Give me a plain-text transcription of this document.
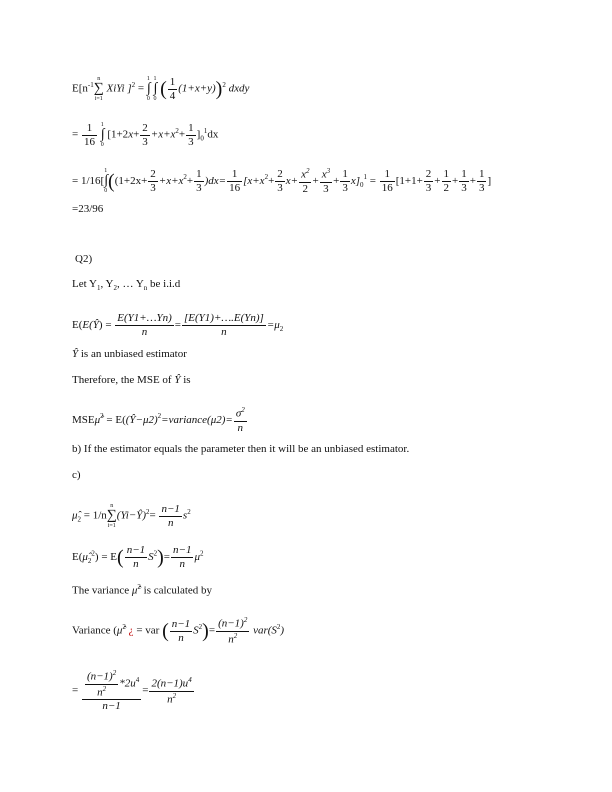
$E[n^{-1}$
n
∑
i=1
XiYi ]$^2$ =
1
∫
0

1
∫
0 ( $\frac{1}{4} (1+x+y))^2$ dxdy
= $\frac{1}{16}$
1
∫
0
$[1+2x+ \frac{2}{3} +x+x^2+ \frac{1}{3} ]_0^1dx$
= 1/16[
1
∫
0 ($(1+2x+ \frac{2}{3} +x+x^2+ \frac{1}{3} )dx= \frac{1}{16} [x+x^2+ \frac{2}{3} x+ \frac{x^2}{2} + \frac{x^3}{3} + \frac{1}{3} x]_0^1 = \frac{1}{16} [1+1+ \frac{2}{3} + \frac{1}{2} + \frac{1}{3} + \frac{1}{3}$ ]
=23/96
Q2)
Let $Y_1$, $Y_2$, … $Y_n$ be i.i.d
E(E(Ŷ) = $\frac{E(Y1+\dots Yn)}{n} = \frac{[E(Y1)+\dots.E(Yn)]}{n} =\mu_2$
Ŷ is an unbiased estimator
Therefore, the MSE of Ŷ is
MSEμ̂$^2$ = E((Ŷ−μ2)$^2$=variance(μ2)= $\frac{\sigma^2}{n}$
b) If the estimator equals the parameter then it will be an unbiased estimator.
c)
$\mû_2 = 1/n$
n
∑
i=1
(Yi−Ŷ)$^2$= $\frac{n-1}{n} s^2$
$E(\mû_2^2) = E( \frac{n-1}{n} S^2)= \frac{n-1}{n} \mu^2$
The variance μ̂$^2$ is calculated by
Variance (μ̂$^2$ ¿ = var ( $\frac{n-1}{n} S^2)= \frac{(n-1)^2}{n^2} var(S^2)$
= $\frac{\frac{(n-1)^2}{n^2} *2u^4}{n-1} = \frac{2(n-1)u^4}{n^2}$
